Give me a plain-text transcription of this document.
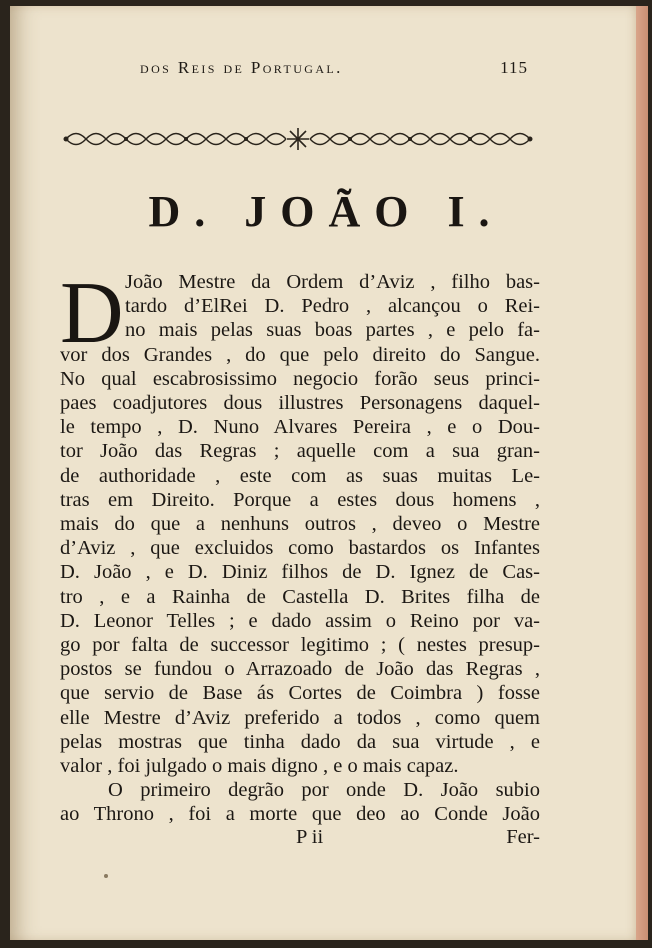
dos Reis de Portugal.	115
D. JOÃO I.
D João Mestre da Ordem d’Aviz , filho bas-
tardo d’ElRei D. Pedro , alcançou o Rei-
no mais pelas suas boas partes , e pelo fa-
vor dos Grandes , do que pelo direito do Sangue.
No qual escabrosissimo negocio forão seus princi-
paes coadjutores dous illustres Personagens daquel-
le tempo , D. Nuno Alvares Pereira , e o Dou-
tor João das Regras ; aquelle com a sua gran-
de authoridade , este com as suas muitas Le-
tras em Direito. Porque a estes dous homens ,
mais do que a nenhuns outros , deveo o Mestre
d’Aviz , que excluidos como bastardos os Infantes
D. João , e D. Diniz filhos de D. Ignez de Cas-
tro , e a Rainha de Castella D. Brites filha de
D. Leonor Telles ; e dado assim o Reino por va-
go por falta de successor legitimo ; ( nestes presup-
postos se fundou o Arrazoado de João das Regras ,
que servio de Base ás Cortes de Coimbra ) fosse
elle Mestre d’Aviz preferido a todos , como quem
pelas mostras que tinha dado da sua virtude , e
valor , foi julgado o mais digno , e o mais capaz.
O primeiro degrão por onde D. João subio
ao Throno , foi a morte que deo ao Conde João
P ii	Fer-
